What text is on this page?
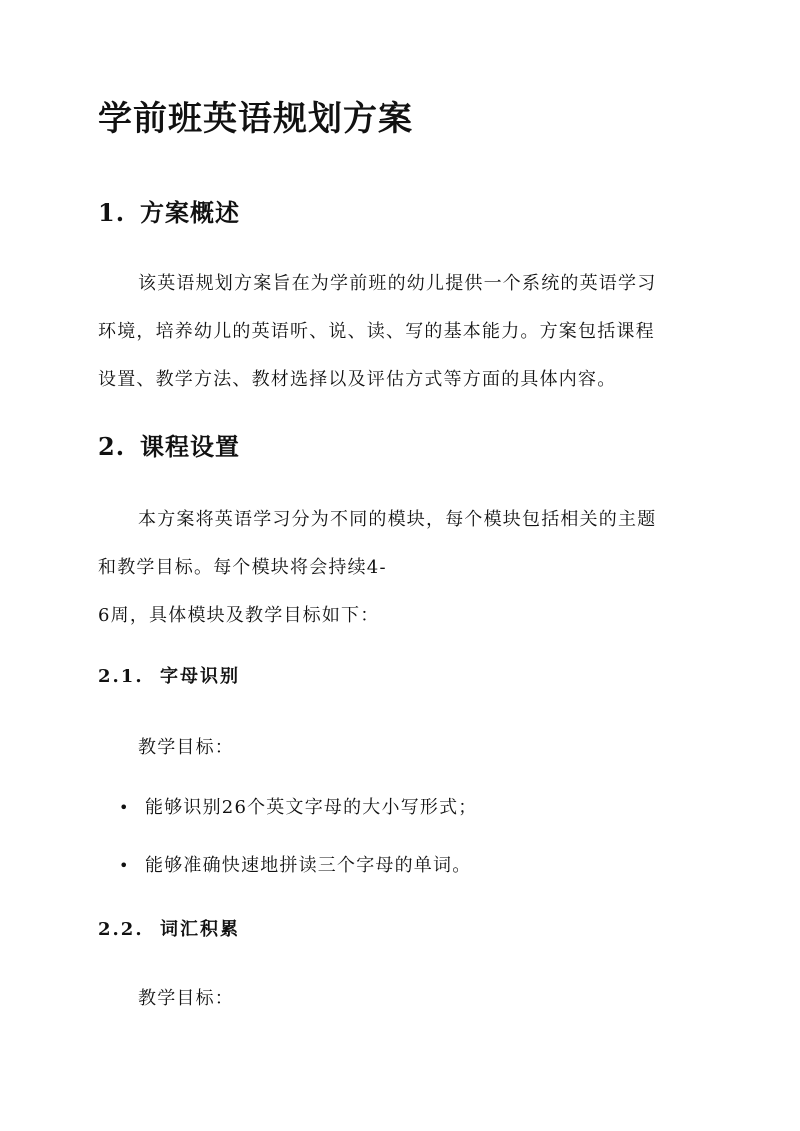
学前班英语规划方案
1. 方案概述
该英语规划方案旨在为学前班的幼儿提供一个系统的英语学习
环境，培养幼儿的英语听、说、读、写的基本能力。方案包括课程
设置、教学方法、教材选择以及评估方式等方面的具体内容。
2. 课程设置
本方案将英语学习分为不同的模块，每个模块包括相关的主题
和教学目标。每个模块将会持续4-
6周，具体模块及教学目标如下：
2.1. 字母识别
教学目标：
• 能够识别26个英文字母的大小写形式；
• 能够准确快速地拼读三个字母的单词。
2.2. 词汇积累
教学目标：
